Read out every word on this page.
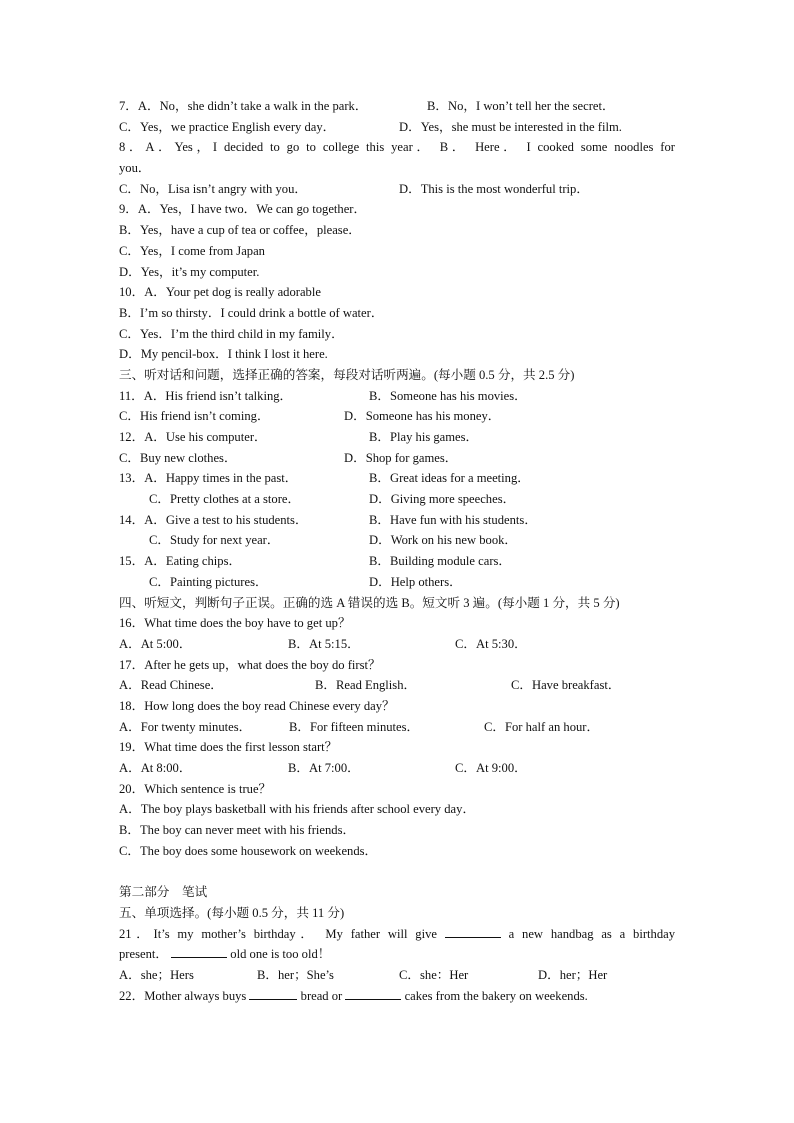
7．A．No，she didn’t take a walk in the park．	B．No，I won’t tell her the secret．
C．Yes，we practice English every day．	D．Yes，she must be interested in the film.
8．A．Yes，I decided to go to college this year． B． Here． I cooked some noodles for
you．
C．No，Lisa isn’t angry with you．	D．This is the most wonderful trip．
9．A．Yes，I have two．We can go together．
B．Yes，have a cup of tea or coffee，please．
C．Yes，I come from Japan
D．Yes，it’s my computer.
10．A．Your pet dog is really adorable
B．I’m so thirsty．I could drink a bottle of water．
C．Yes．I’m the third child in my family．
D．My pencil-box．I think I lost it here.
三、听对话和问题，选择正确的答案，每段对话听两遍。(每小题 0.5 分，共 2.5 分)
11．A．His friend isn’t talking．	B．Someone has his movies．
C．His friend isn’t coming．	D．Someone has his money．
12．A．Use his computer．	B．Play his games．
C．Buy new clothes．	D．Shop for games．
13．A．Happy times in the past．	B．Great ideas for a meeting．
C．Pretty clothes at a store．	D．Giving more speeches．
14．A．Give a test to his students．	B．Have fun with his students．
C．Study for next year．	D．Work on his new book．
15．A．Eating chips．	B．Building module cars．
C．Painting pictures．	D．Help others．
四、听短文，判断句子正误。正确的选 A 错误的选 B。短文听 3 遍。(每小题 1 分，共 5 分)
16．What time does the boy have to get up？
A．At 5:00．	B．At 5:15．	C．At 5:30．
17．After he gets up，what does the boy do first？
A．Read Chinese．	B．Read English．	C．Have breakfast．
18．How long does the boy read Chinese every day？
A．For twenty minutes．	B．For fifteen minutes．	C．For half an hour．
19．What time does the first lesson start？
A．At 8:00．	B．At 7:00．	C．At 9:00．
20．Which sentence is true？
A．The boy plays basketball with his friends after school every day．
B．The boy can never meet with his friends．
C．The boy does some housework on weekends．
第二部分　笔试
五、单项选择。(每小题 0.5 分，共 11 分)
21．It’s my mother’s birthday． My father will give	a new handbag as a birthday
present．	old one is too old！
A．she；Hers	B．her；She’s	C．she：Her	D．her；Her
22．Mother always buys	bread or	cakes from the bakery on weekends.
